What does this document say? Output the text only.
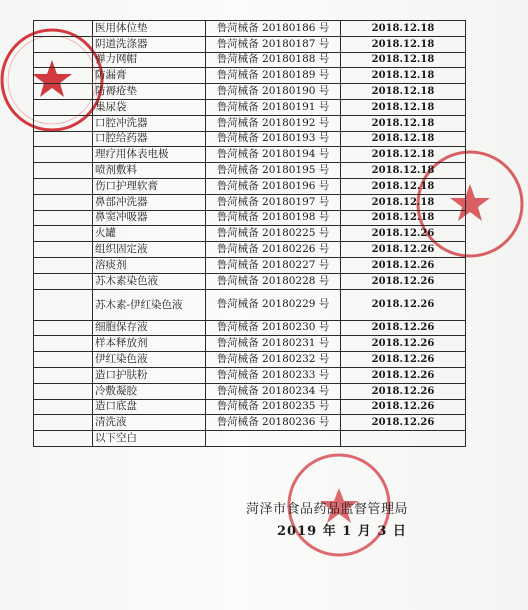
	医用体位垫	鲁菏械备 20180186 号	2018.12.18
	阴道洗涤器	鲁菏械备 20180187 号	2018.12.18
	弹力网帽	鲁菏械备 20180188 号	2018.12.18
	防漏膏	鲁菏械备 20180189 号	2018.12.18
	防褥疮垫	鲁菏械备 20180190 号	2018.12.18
	集尿袋	鲁菏械备 20180191 号	2018.12.18
	口腔冲洗器	鲁菏械备 20180192 号	2018.12.18
	口腔给药器	鲁菏械备 20180193 号	2018.12.18
	理疗用体表电极	鲁菏械备 20180194 号	2018.12.18
	喷剂敷料	鲁菏械备 20180195 号	2018.12.18
	伤口护理软膏	鲁菏械备 20180196 号	2018.12.18
	鼻部冲洗器	鲁菏械备 20180197 号	2018.12.18
	鼻窦冲吸器	鲁菏械备 20180198 号	2018.12.18
	火罐	鲁菏械备 20180225 号	2018.12.26
	组织固定液	鲁菏械备 20180226 号	2018.12.26
	溶痰剂	鲁菏械备 20180227 号	2018.12.26
	苏木素染色液	鲁菏械备 20180228 号	2018.12.26
	苏木素-伊红染色液	鲁菏械备 20180229 号	2018.12.26
	细胞保存液	鲁菏械备 20180230 号	2018.12.26
	样本释放剂	鲁菏械备 20180231 号	2018.12.26
	伊红染色液	鲁菏械备 20180232 号	2018.12.26
	造口护肤粉	鲁菏械备 20180233 号	2018.12.26
	冷敷凝胶	鲁菏械备 20180234 号	2018.12.26
	造口底盘	鲁菏械备 20180235 号	2018.12.26
	清洗液	鲁菏械备 20180236 号	2018.12.26
	以下空白		
菏泽市食品药品监督管理局
2019 年 1 月 3 日
